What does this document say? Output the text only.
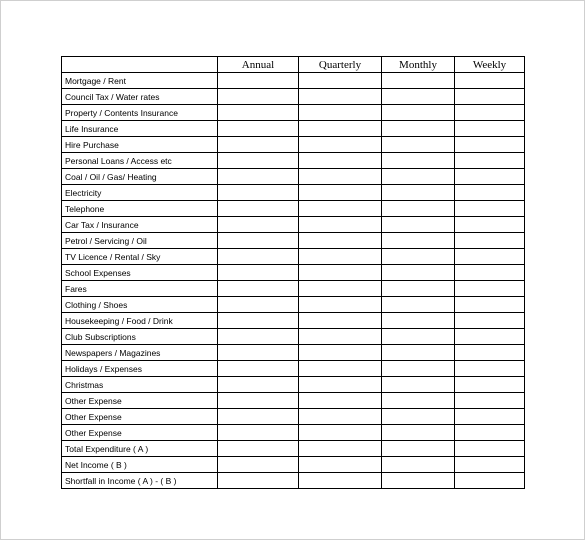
	Annual	Quarterly	Monthly	Weekly
Mortgage / Rent				
Council Tax / Water rates				
Property / Contents Insurance				
Life Insurance				
Hire Purchase				
Personal Loans / Access etc				
Coal / Oil / Gas/ Heating				
Electricity				
Telephone				
Car Tax / Insurance				
Petrol / Servicing / Oil				
TV Licence / Rental / Sky				
School Expenses				
Fares				
Clothing / Shoes				
Housekeeping / Food / Drink				
Club Subscriptions				
Newspapers / Magazines				
Holidays / Expenses				
Christmas				
Other Expense				
Other Expense				
Other Expense				
Total Expenditure ( A )				
Net Income ( B )				
Shortfall in Income ( A ) - ( B )				
